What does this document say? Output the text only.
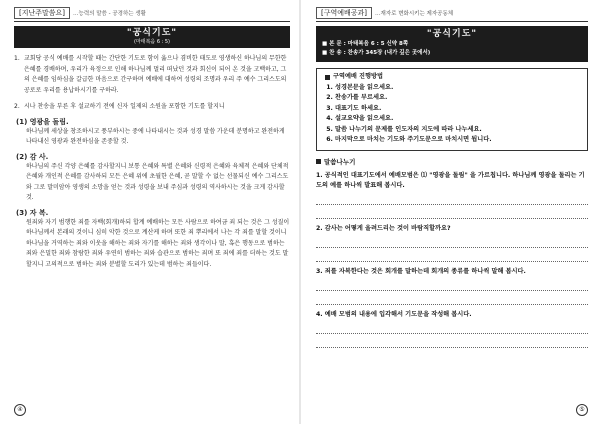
[지난주말씀요]	…능력의 말씀 - 공경하는 생활
"공식기도"
(마태복음 6 : 5)
1. 교회당 공식 예배를 시작할 때는 간단한 기도로 함이 옳으나 겸비한 태도로 영생하신 하나님의 무한한 은혜를 경배하며, 우리가 육정으로 인해 하나님께 멀리 떠났던 것과 회신이 되어 온 것을 고백하고, 그의 은혜를 임하심을 갈급한 마음으로 간구하며 예배에 대하여 성령의 조명과 우리 주 예수 그리스도의 공로로 우리를 용납하시기를 구하라.
2. 시나 찬송을 부른 후 설교하기 전에 신자 일제의 소원을 포함한 기도를 할지니
(1) 영광을 돌림.
하나님께 세상을 창조하시고 풍부하시는 중에 나타내시는 것과 성경 말씀 가운데 분명하고 완전하게 나타내신 영광과 완전하심을 존중할 것.
(2) 감 사.
하나님의 주신 각양 은혜를 감사할지니 보통 은혜와 특별 은혜와 신령적 은혜와 육체적 은혜와 단체적 은혜와 개인적 은혜를 감사하되 모든 은혜 위에 초월한 은혜, 곧 말할 수 없는 선물되신 예수 그리스도와 그로 말미암아 영생의 소망을 얻는 것과 성령을 보내 주심과 성령의 역사하시는 것을 크게 감사할 것.
(3) 자 복.
원죄와 자기 범행한 죄를 자백(회개)하되 합계 예배하는 모든 사람으로 하여금 죄 되는 것은 그 성질이 하나님께서 본래의 것이니 심히 악한 것으로 계산케 하며 또한 죄 뿌리에서 나는 각 죄를 말할 것이니 하나님을 거역하는 죄와 이웃을 해하는 죄와 자기를 해하는 죄와 생각이나 말, 혹은 행동으로 범하는 죄와 은밀한 죄와 참람한 죄와 우연히 범하는 죄와 습관으로 범하는 죄며 또 죄에 죄를 더하는 것도 말할지니 고의적으로 범하는 죄와 분별할 도리가 있는데 범하는 죄들이다.
④
[구역예배공과]	…재자로 변화시키는 제자공동체
"공식기도"
■ 본 문 : 마태복음 6 : 5 신약 8쪽
■ 찬 송 : 찬송가 345장 (내가 깊은 곳에서)
구역예배 진행방법
1. 성경본문을 읽으세요.
2. 찬송가를 부르세요.
3. 대표기도 하세요.
4. 설교요약을 읽으세요.
5. 말씀 나누기의 문제를 인도자의 지도에 따라 나누세요.
6. 마지막으로 마치는 기도와 주기도문으로 마치시면 됩니다.
말씀나누기
1. 공식적인 대표기도에서 예배모범은 ⑴ "영광을 돌림" 을 가르칩니다. 하나님께 영광을 돌리는 기도의 예를 하나씩 발표해 봅시다.
2. 감사는 어떻게 올려드리는 것이 바람직할까요?
3. 죄를 자복한다는 것은 회개를 말하는데 회개의 종류를 하나씩 말해 봅시다.
4. 예배 모범의 내용에 입각해서 기도문을 작성해 봅시다.
⑤
